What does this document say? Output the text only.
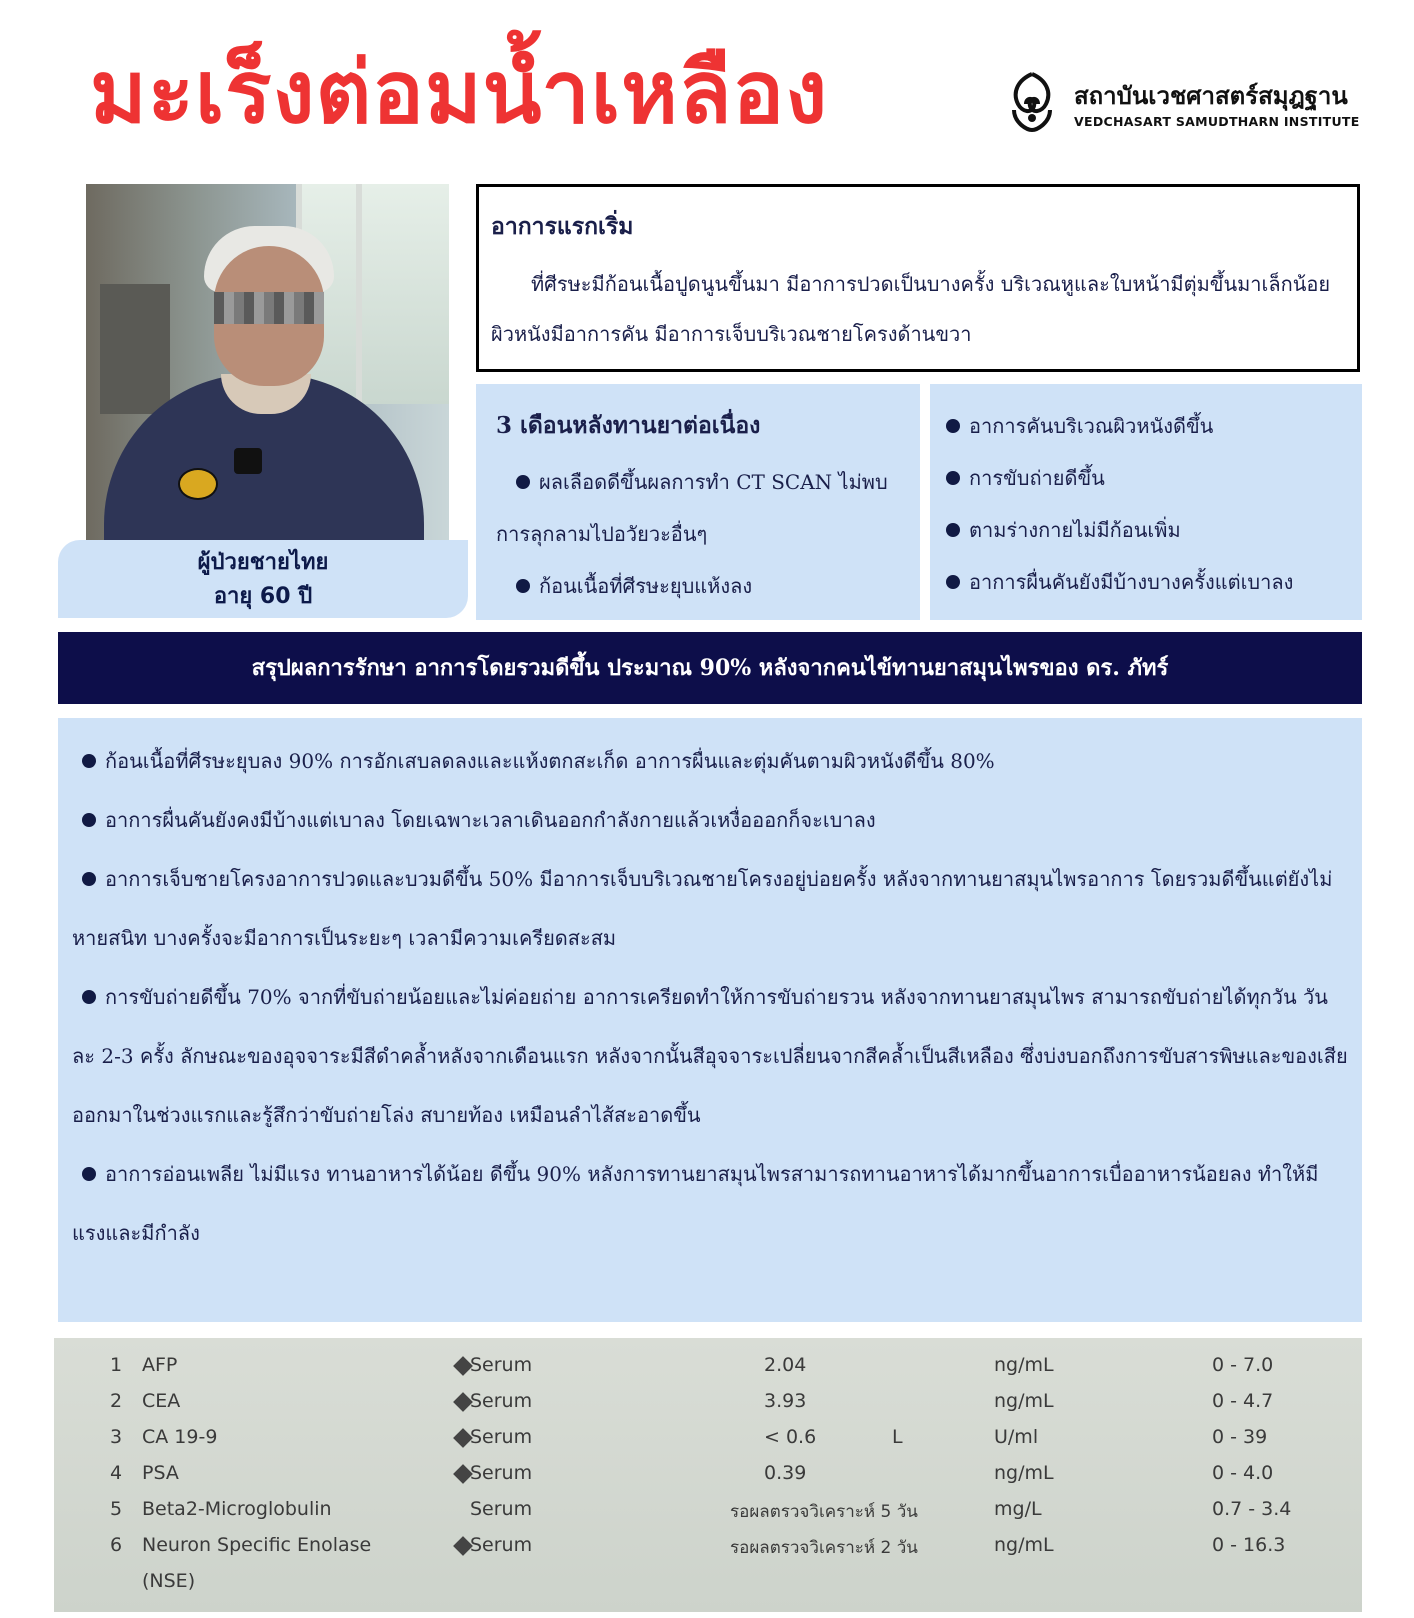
มะเร็งต่อมน้ำเหลือง	สถาบันเวชศาสตร์สมุฎฐาน
VEDCHASART SAMUDTHARN INSTITUTE
ผู้ป่วยชายไทย
อายุ 60 ปี
อาการแรกเริ่ม
ที่ศีรษะมีก้อนเนื้อปูดนูนขึ้นมา มีอาการปวดเป็นบางครั้ง บริเวณหูและใบหน้ามีตุ่มขึ้นมาเล็กน้อย ผิวหนังมีอาการคัน มีอาการเจ็บบริเวณชายโครงด้านขวา
3 เดือนหลังทานยาต่อเนื่อง
ผลเลือดดีขึ้นผลการทำ CT SCAN ไม่พบการลุกลามไปอวัยวะอื่นๆ
ก้อนเนื้อที่ศีรษะยุบแห้งลง
อาการคันบริเวณผิวหนังดีขึ้น
การขับถ่ายดีขึ้น
ตามร่างกายไม่มีก้อนเพิ่ม
อาการผื่นคันยังมีบ้างบางครั้งแต่เบาลง
สรุปผลการรักษา อาการโดยรวมดีขึ้น ประมาณ 90% หลังจากคนไข้ทานยาสมุนไพรของ ดร. ภัทร์

ก้อนเนื้อที่ศีรษะยุบลง 90% การอักเสบลดลงและแห้งตกสะเก็ด อาการผื่นและตุ่มคันตามผิวหนังดีขึ้น 80%

อาการผื่นคันยังคงมีบ้างแต่เบาลง โดยเฉพาะเวลาเดินออกกำลังกายแล้วเหงื่อออกก็จะเบาลง

อาการเจ็บชายโครงอาการปวดและบวมดีขึ้น 50% มีอาการเจ็บบริเวณชายโครงอยู่บ่อยครั้ง หลังจากทานยาสมุนไพรอาการ โดยรวมดีขึ้นแต่ยังไม่หายสนิท บางครั้งจะมีอาการเป็นระยะๆ เวลามีความเครียดสะสม

การขับถ่ายดีขึ้น 70% จากที่ขับถ่ายน้อยและไม่ค่อยถ่าย อาการเครียดทำให้การขับถ่ายรวน หลังจากทานยาสมุนไพร สามารถขับถ่ายได้ทุกวัน วันละ 2-3 ครั้ง ลักษณะของอุจจาระมีสีดำคล้ำหลังจากเดือนแรก หลังจากนั้นสีอุจจาระเปลี่ยนจากสีคล้ำเป็นสีเหลือง ซึ่งบ่งบอกถึงการขับสารพิษและของเสียออกมาในช่วงแรกและรู้สึกว่าขับถ่ายโล่ง สบายท้อง เหมือนลำไส้สะอาดขึ้น

อาการอ่อนเพลีย ไม่มีแรง ทานอาหารได้น้อย ดีขึ้น 90% หลังการทานยาสมุนไพรสามารถทานอาหารได้มากขึ้นอาการเบื่ออาหารน้อยลง ทำให้มีแรงและมีกำลัง

1 AFP	Serum	2.04	ng/mL	0 - 7.0
2 CEA	Serum	3.93	ng/mL	0 - 4.7
3 CA 19-9	Serum	< 0.6	L	U/ml	0 - 39
4 PSA	Serum	0.39	ng/mL	0 - 4.0
5 Beta2-Microglobulin	Serum	รอผลตรวจวิเคราะห์ 5 วัน	mg/L	0.7 - 3.4
6 Neuron Specific Enolase	Serum	รอผลตรวจวิเคราะห์ 2 วัน	ng/mL	0 - 16.3
(NSE)
